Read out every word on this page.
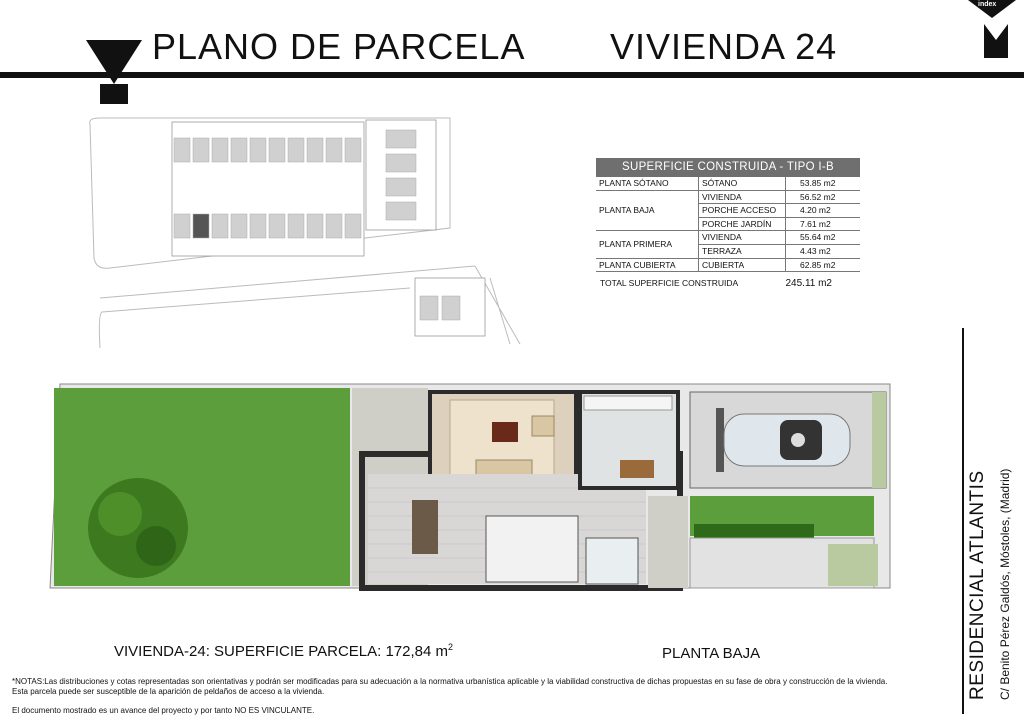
PLANO DE PARCELA VIVIENDA 24
index
SUPERFICIE CONSTRUIDA - TIPO I-B
PLANTA SÓTANO	SÓTANO	53.85 m2
PLANTA BAJA	VIVIENDA	56.52 m2
	PORCHE ACCESO	4.20 m2
	PORCHE JARDÍN	7.61 m2
PLANTA PRIMERA	VIVIENDA	55.64 m2
	TERRAZA	4.43 m2
PLANTA CUBIERTA	CUBIERTA	62.85 m2
TOTAL SUPERFICIE CONSTRUIDA	245.11 m2
VIVIENDA-24: SUPERFICIE PARCELA: 172,84 $m^2$	PLANTA BAJA
*NOTAS:Las distribuciones y cotas representadas son orientativas y podrán ser modificadas para su adecuación a la normativa urbanística aplicable y la viabilidad constructiva de dichas propuestas en su fase de obra y construcción de la vivienda. Esta parcela puede ser susceptible de la aparición de peldaños de acceso a la vivienda.
El documento mostrado es un avance del proyecto y por tanto NO ES VINCULANTE.
RESIDENCIAL ATLANTIS C/ Benito Pérez Galdós, Móstoles, (Madrid)
